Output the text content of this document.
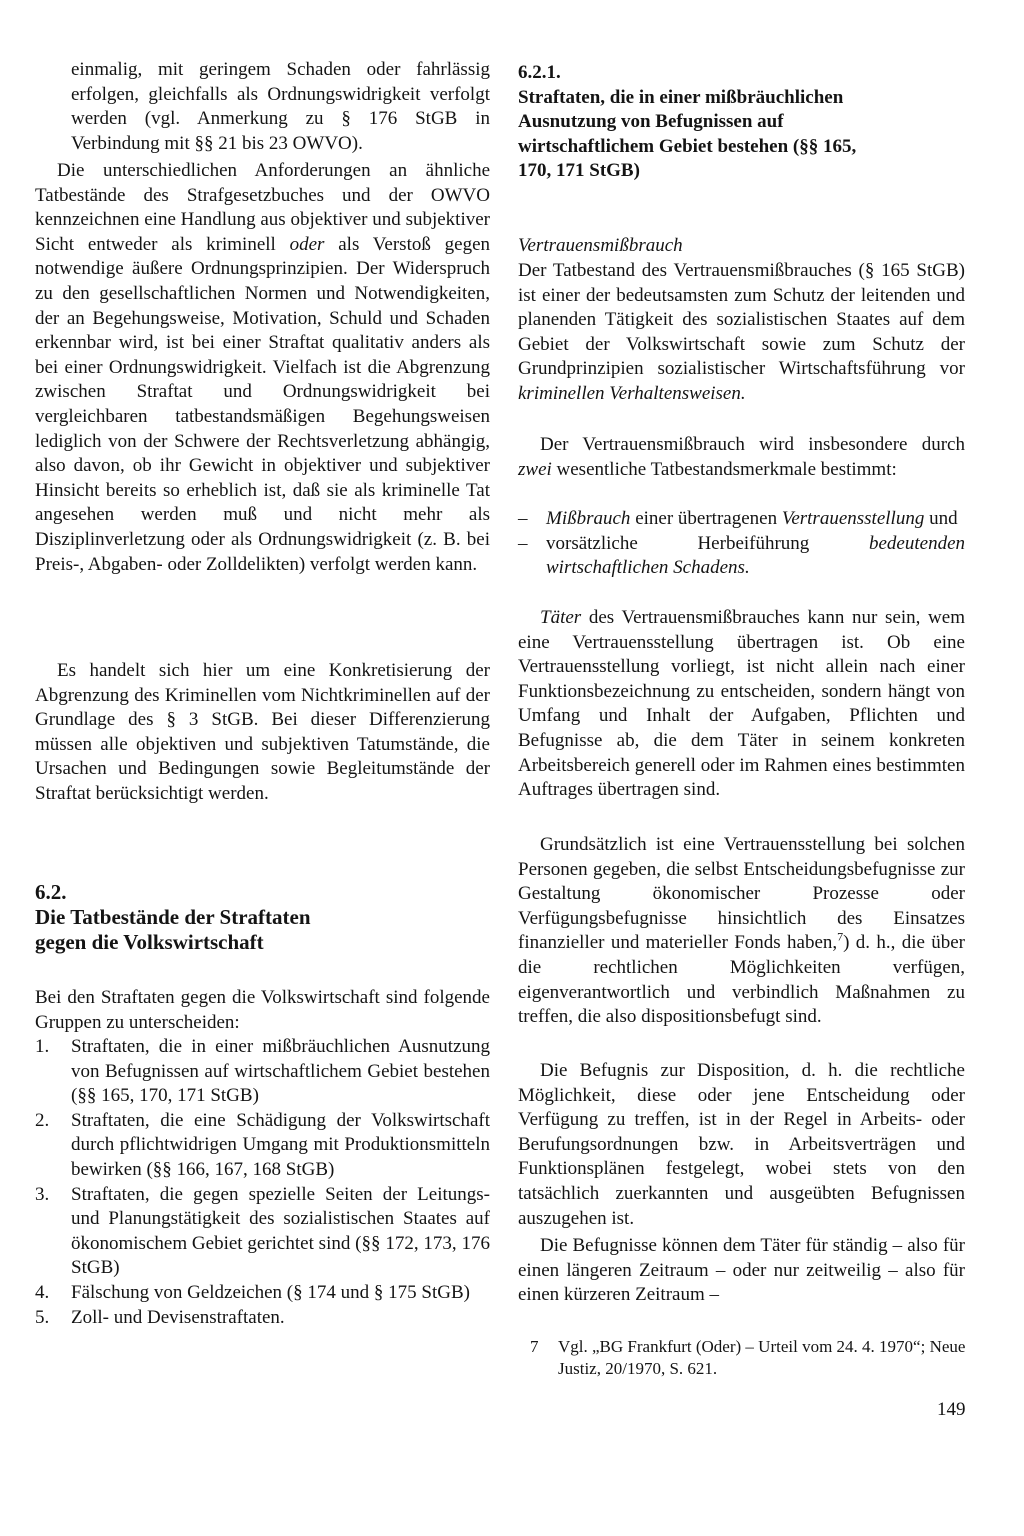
einmalig, mit geringem Schaden oder fahrlässig erfolgen, gleichfalls als Ordnungswidrigkeit verfolgt werden (vgl. Anmerkung zu § 176 StGB in Verbindung mit §§ 21 bis 23 OWVO).

Die unterschiedlichen Anforderungen an ähnliche Tatbestände des Strafgesetzbuches und der OWVO kennzeichnen eine Handlung aus objektiver und subjektiver Sicht entweder als kriminell oder als Verstoß gegen notwendige äußere Ordnungsprinzipien. Der Widerspruch zu den gesellschaftlichen Normen und Notwendigkeiten, der an Begehungsweise, Motivation, Schuld und Schaden erkennbar wird, ist bei einer Straftat qualitativ anders als bei einer Ordnungswidrigkeit. Vielfach ist die Abgrenzung zwischen Straftat und Ordnungswidrigkeit bei vergleichbaren tatbestandsmäßigen Begehungsweisen lediglich von der Schwere der Rechtsverletzung abhängig, also davon, ob ihr Gewicht in objektiver und subjektiver Hinsicht bereits so erheblich ist, daß sie als kriminelle Tat angesehen werden muß und nicht mehr als Disziplinverletzung oder als Ordnungswidrigkeit (z. B. bei Preis-, Abgaben- oder Zolldelikten) verfolgt werden kann.

Es handelt sich hier um eine Konkretisierung der Abgrenzung des Kriminellen vom Nichtkriminellen auf der Grundlage des § 3 StGB. Bei dieser Differenzierung müssen alle objektiven und subjektiven Tatumstände, die Ursachen und Bedingungen sowie Begleitumstände der Straftat berücksichtigt werden.

6.2.

Die Tatbestände der Straftaten

gegen die Volkswirtschaft

Bei den Straftaten gegen die Volkswirtschaft sind folgende Gruppen zu unterscheiden:

1. Straftaten, die in einer mißbräuchlichen Ausnutzung von Befugnissen auf wirtschaftlichem Gebiet bestehen (§§ 165, 170, 171 StGB)
2. Straftaten, die eine Schädigung der Volkswirtschaft durch pflichtwidrigen Umgang mit Produktionsmitteln bewirken (§§ 166, 167, 168 StGB)
3. Straftaten, die gegen spezielle Seiten der Leitungs- und Planungstätigkeit des sozialistischen Staates auf ökonomischem Gebiet gerichtet sind (§§ 172, 173, 176 StGB)
4. Fälschung von Geldzeichen (§ 174 und § 175 StGB)
5. Zoll- und Devisenstraftaten.

6.2.1.

Straftaten, die in einer mißbräuchlichen Ausnutzung von Befugnissen auf wirtschaftlichem Gebiet bestehen (§§ 165, 170, 171 StGB)

Vertrauensmißbrauch

Der Tatbestand des Vertrauensmißbrauches (§ 165 StGB) ist einer der bedeutsamsten zum Schutz der leitenden und planenden Tätigkeit des sozialistischen Staates auf dem Gebiet der Volkswirtschaft sowie zum Schutz der Grundprinzipien sozialistischer Wirtschaftsführung vor kriminellen Verhaltensweisen.

Der Vertrauensmißbrauch wird insbesondere durch zwei wesentliche Tatbestandsmerkmale bestimmt:

– Mißbrauch einer übertragenen Vertrauensstellung und
– vorsätzliche Herbeiführung bedeutenden wirtschaftlichen Schadens.

Täter des Vertrauensmißbrauches kann nur sein, wem eine Vertrauensstellung übertragen ist. Ob eine Vertrauensstellung vorliegt, ist nicht allein nach einer Funktionsbezeichnung zu entscheiden, sondern hängt von Umfang und Inhalt der Aufgaben, Pflichten und Befugnisse ab, die dem Täter in seinem konkreten Arbeitsbereich generell oder im Rahmen eines bestimmten Auftrages übertragen sind.

Grundsätzlich ist eine Vertrauensstellung bei solchen Personen gegeben, die selbst Entscheidungsbefugnisse zur Gestaltung ökonomischer Prozesse oder Verfügungsbefugnisse hinsichtlich des Einsatzes finanzieller und materieller Fonds haben,$^7$) d. h., die über die rechtlichen Möglichkeiten verfügen, eigenverantwortlich und verbindlich Maßnahmen zu treffen, die also dispositionsbefugt sind.

Die Befugnis zur Disposition, d. h. die rechtliche Möglichkeit, diese oder jene Entscheidung oder Verfügung zu treffen, ist in der Regel in Arbeits- oder Berufungsordnungen bzw. in Arbeitsverträgen und Funktionsplänen festgelegt, wobei stets von den tatsächlich zuerkannten und ausgeübten Befugnissen auszugehen ist.

Die Befugnisse können dem Täter für ständig – also für einen längeren Zeitraum – oder nur zeitweilig – also für einen kürzeren Zeitraum –

7	Vgl. „BG Frankfurt (Oder) – Urteil vom 24. 4. 1970“; Neue Justiz, 20/1970, S. 621.

149
